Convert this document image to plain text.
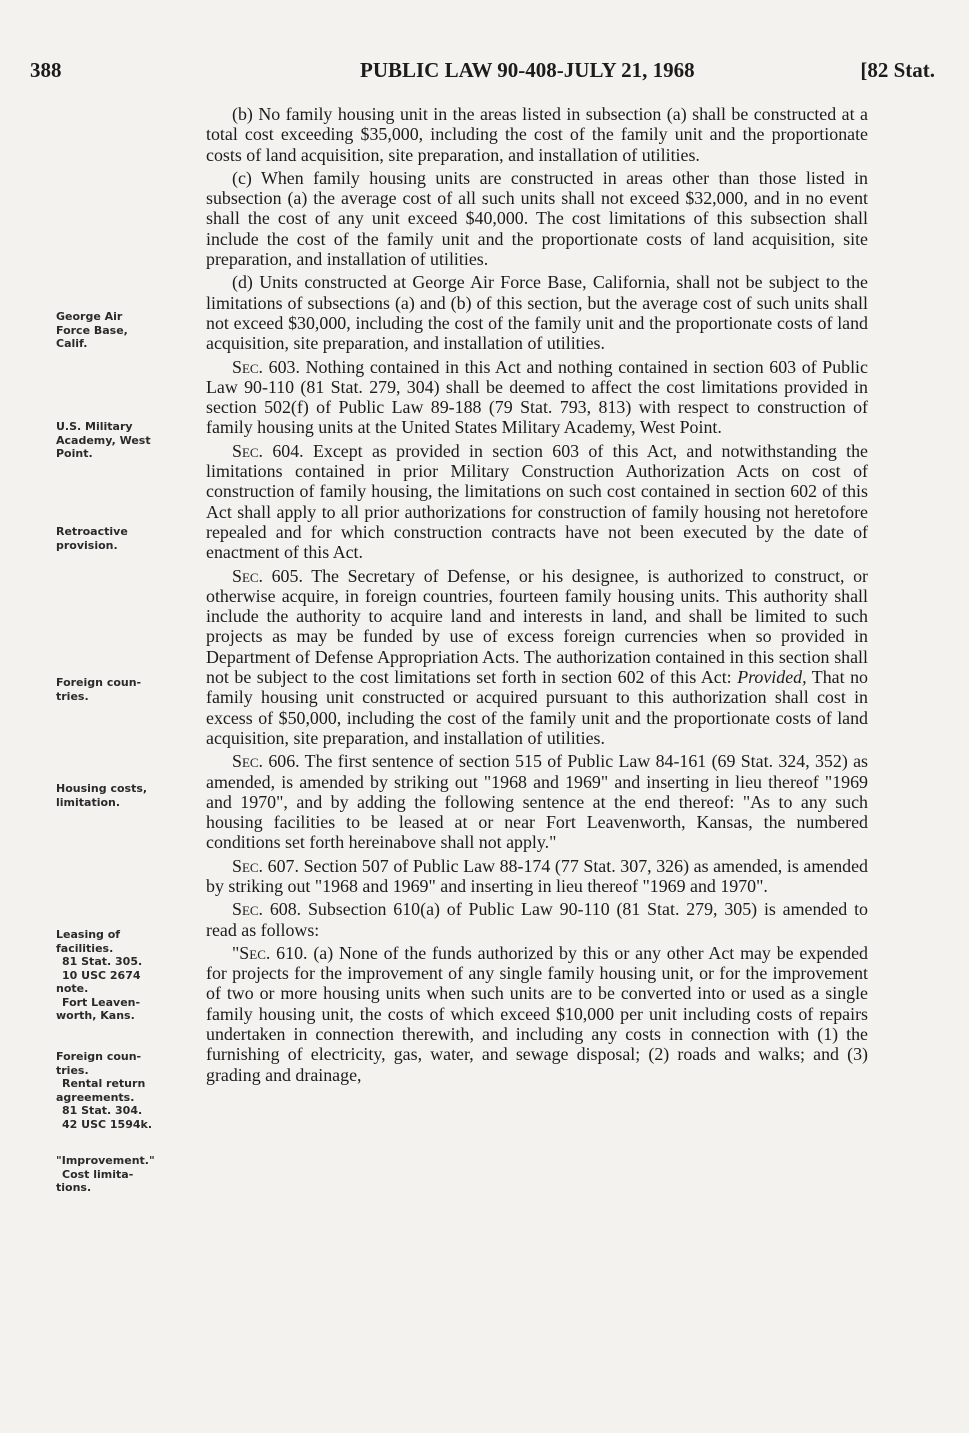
388	PUBLIC LAW 90-408-JULY 21, 1968	[82 Stat.
George Air
Force Base,
Calif.
U.S. Military
Academy, West
Point.
Retroactive
provision.
Foreign coun-
tries.
Housing costs,
limitation.
Leasing of
facilities.
81 Stat. 305.
10 USC 2674
note.
Fort Leaven-
worth, Kans.
Foreign coun-
tries.
Rental return
agreements.
81 Stat. 304.
42 USC 1594k.
"Improvement."
Cost limita-
tions.

(b) No family housing unit in the areas listed in subsection (a) shall be constructed at a total cost exceeding $35,000, including the cost of the family unit and the proportionate costs of land acquisition, site preparation, and installation of utilities.

(c) When family housing units are constructed in areas other than those listed in subsection (a) the average cost of all such units shall not exceed $32,000, and in no event shall the cost of any unit exceed $40,000. The cost limitations of this subsection shall include the cost of the family unit and the proportionate costs of land acquisition, site preparation, and installation of utilities.

(d) Units constructed at George Air Force Base, California, shall not be subject to the limitations of subsections (a) and (b) of this section, but the average cost of such units shall not exceed $30,000, including the cost of the family unit and the proportionate costs of land acquisition, site preparation, and installation of utilities.

Sec. 603. Nothing contained in this Act and nothing contained in section 603 of Public Law 90-110 (81 Stat. 279, 304) shall be deemed to affect the cost limitations provided in section 502(f) of Public Law 89-188 (79 Stat. 793, 813) with respect to construction of family housing units at the United States Military Academy, West Point.

Sec. 604. Except as provided in section 603 of this Act, and notwithstanding the limitations contained in prior Military Construction Authorization Acts on cost of construction of family housing, the limitations on such cost contained in section 602 of this Act shall apply to all prior authorizations for construction of family housing not heretofore repealed and for which construction contracts have not been executed by the date of enactment of this Act.

Sec. 605. The Secretary of Defense, or his designee, is authorized to construct, or otherwise acquire, in foreign countries, fourteen family housing units. This authority shall include the authority to acquire land and interests in land, and shall be limited to such projects as may be funded by use of excess foreign currencies when so provided in Department of Defense Appropriation Acts. The authorization contained in this section shall not be subject to the cost limitations set forth in section 602 of this Act: Provided, That no family housing unit constructed or acquired pursuant to this authorization shall cost in excess of $50,000, including the cost of the family unit and the proportionate costs of land acquisition, site preparation, and installation of utilities.

Sec. 606. The first sentence of section 515 of Public Law 84-161 (69 Stat. 324, 352) as amended, is amended by striking out "1968 and 1969" and inserting in lieu thereof "1969 and 1970", and by adding the following sentence at the end thereof: "As to any such housing facilities to be leased at or near Fort Leavenworth, Kansas, the numbered conditions set forth hereinabove shall not apply."

Sec. 607. Section 507 of Public Law 88-174 (77 Stat. 307, 326) as amended, is amended by striking out "1968 and 1969" and inserting in lieu thereof "1969 and 1970".

Sec. 608. Subsection 610(a) of Public Law 90-110 (81 Stat. 279, 305) is amended to read as follows:

"Sec. 610. (a) None of the funds authorized by this or any other Act may be expended for projects for the improvement of any single family housing unit, or for the improvement of two or more housing units when such units are to be converted into or used as a single family housing unit, the costs of which exceed $10,000 per unit including costs of repairs undertaken in connection therewith, and including any costs in connection with (1) the furnishing of electricity, gas, water, and sewage disposal; (2) roads and walks; and (3) grading and drainage,
